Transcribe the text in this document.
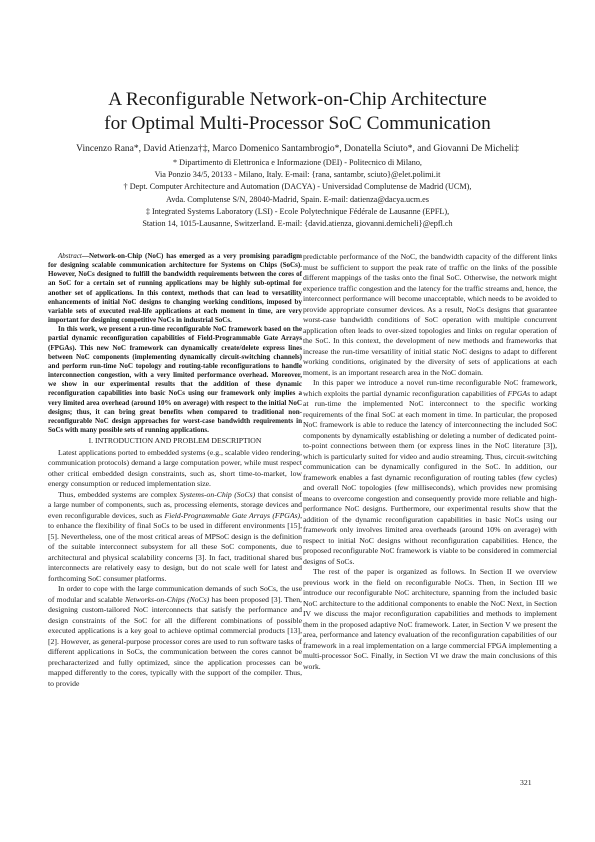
A Reconfigurable Network-on-Chip Architecture
for Optimal Multi-Processor SoC Communication
Vincenzo Rana*, David Atienza†‡, Marco Domenico Santambrogio*, Donatella Sciuto*, and Giovanni De Micheli‡
* Dipartimento di Elettronica e Informazione (DEI) - Politecnico di Milano,
Via Ponzio 34/5, 20133 - Milano, Italy. E-mail: {rana, santambr, sciuto}@elet.polimi.it
† Dept. Computer Architecture and Automation (DACYA) - Universidad Complutense de Madrid (UCM),
Avda. Complutense S/N, 28040-Madrid, Spain. E-mail: datienza@dacya.ucm.es
‡ Integrated Systems Laboratory (LSI) - Ecole Polytechnique Fédérale de Lausanne (EPFL),
Station 14, 1015-Lausanne, Switzerland. E-mail: {david.atienza, giovanni.demicheli}@epfl.ch

Abstract—Network-on-Chip (NoC) has emerged as a very promising paradigm for designing scalable communication architecture for Systems on Chips (SoCs). However, NoCs designed to fulfill the bandwidth requirements between the cores of an SoC for a certain set of running applications may be highly sub-optimal for another set of applications. In this context, methods that can lead to versatility enhancements of initial NoC designs to changing working conditions, imposed by variable sets of executed real-life applications at each moment in time, are very important for designing competitive NoCs in industrial SoCs.

In this work, we present a run-time reconfigurable NoC framework based on the partial dynamic reconfiguration capabilities of Field-Programmable Gate Arrays (FPGAs). This new NoC framework can dynamically create/delete express lines between NoC components (implementing dynamically circuit-switching channels) and perform run-time NoC topology and routing-table reconfigurations to handle interconnection congestion, with a very limited performance overhead. Moreover, we show in our experimental results that the addition of these dynamic reconfiguration capabilities into basic NoCs using our framework only implies a very limited area overhead (around 10% on average) with respect to the initial NoC designs; thus, it can bring great benefits when compared to traditional non-reconfigurable NoC design approaches for worst-case bandwidth requirements in SoCs with many possible sets of running applications.

I. INTRODUCTION AND PROBLEM DESCRIPTION

Latest applications ported to embedded systems (e.g., scalable video rendering, communication protocols) demand a large computation power, while must respect other critical embedded design constraints, such as, short time-to-market, low energy consumption or reduced implementation size.

Thus, embedded systems are complex Systems-on-Chip (SoCs) that consist of a large number of components, such as, processing elements, storage devices and even reconfigurable devices, such as Field-Programmable Gate Arrays (FPGAs), to enhance the flexibility of final SoCs to be used in different environments [15], [5]. Nevertheless, one of the most critical areas of MPSoC design is the definition of the suitable interconnect subsystem for all these SoC components, due to architectural and physical scalability concerns [3]. In fact, traditional shared bus interconnects are relatively easy to design, but do not scale well for latest and forthcoming SoC consumer platforms.

In order to cope with the large communication demands of such SoCs, the use of modular and scalable Networks-on-Chips (NoCs) has been proposed [3]. Then, designing custom-tailored NoC interconnects that satisfy the performance and design constraints of the SoC for all the different combinations of possible executed applications is a key goal to achieve optimal commercial products [13], [2]. However, as general-purpose processor cores are used to run software tasks of different applications in SoCs, the communication between the cores cannot be precharacterized and fully optimized, since the application processes can be mapped differently to the cores, typically with the support of the compiler. Thus, to provide

predictable performance of the NoC, the bandwidth capacity of the different links must be sufficient to support the peak rate of traffic on the links of the possible different mappings of the tasks onto the final SoC. Otherwise, the network might experience traffic congestion and the latency for the traffic streams and, hence, the interconnect performance will become unacceptable, which needs to be avoided to provide appropriate consumer devices. As a result, NoCs designs that guarantee worst-case bandwidth conditions of SoC operation with multiple concurrent application often leads to over-sized topologies and links on regular operation of the SoC. In this context, the development of new methods and frameworks that increase the run-time versatility of initial static NoC designs to adapt to different working conditions, originated by the diversity of sets of applications at each moment, is an important research area in the NoC domain.

In this paper we introduce a novel run-time reconfigurable NoC framework, which exploits the partial dynamic reconfiguration capabilities of FPGAs to adapt at run-time the implemented NoC interconnect to the specific working requirements of the final SoC at each moment in time. In particular, the proposed NoC framework is able to reduce the latency of interconnecting the included SoC components by dynamically establishing or deleting a number of dedicated point-to-point connections between them (or express lines in the NoC literature [3]), which is particularly suited for video and audio streaming. Thus, circuit-switching communication can be dynamically configured in the SoC. In addition, our framework enables a fast dynamic reconfiguration of routing tables (few cycles) and overall NoC topologies (few milliseconds), which provides new promising means to overcome congestion and consequently provide more reliable and high-performance NoC designs. Furthermore, our experimental results show that the addition of the dynamic reconfiguration capabilities in basic NoCs using our framework only involves limited area overheads (around 10% on average) with respect to initial NoC designs without reconfiguration capabilities. Hence, the proposed reconfigurable NoC framework is viable to be considered in commercial designs of SoCs.

The rest of the paper is organized as follows. In Section II we overview previous work in the field on reconfigurable NoCs. Then, in Section III we introduce our reconfigurable NoC architecture, spanning from the included basic NoC architecture to the additional components to enable the NoC Next, in Section IV we discuss the major reconfiguration capabilities and methods to implement them in the proposed adaptive NoC framework. Later, in Section V we present the area, performance and latency evaluation of the reconfiguration capabilities of our framework in a real implementation on a large commercial FPGA implementing a multi-processor SoC. Finally, in Section VI we draw the main conclusions of this work.

321
